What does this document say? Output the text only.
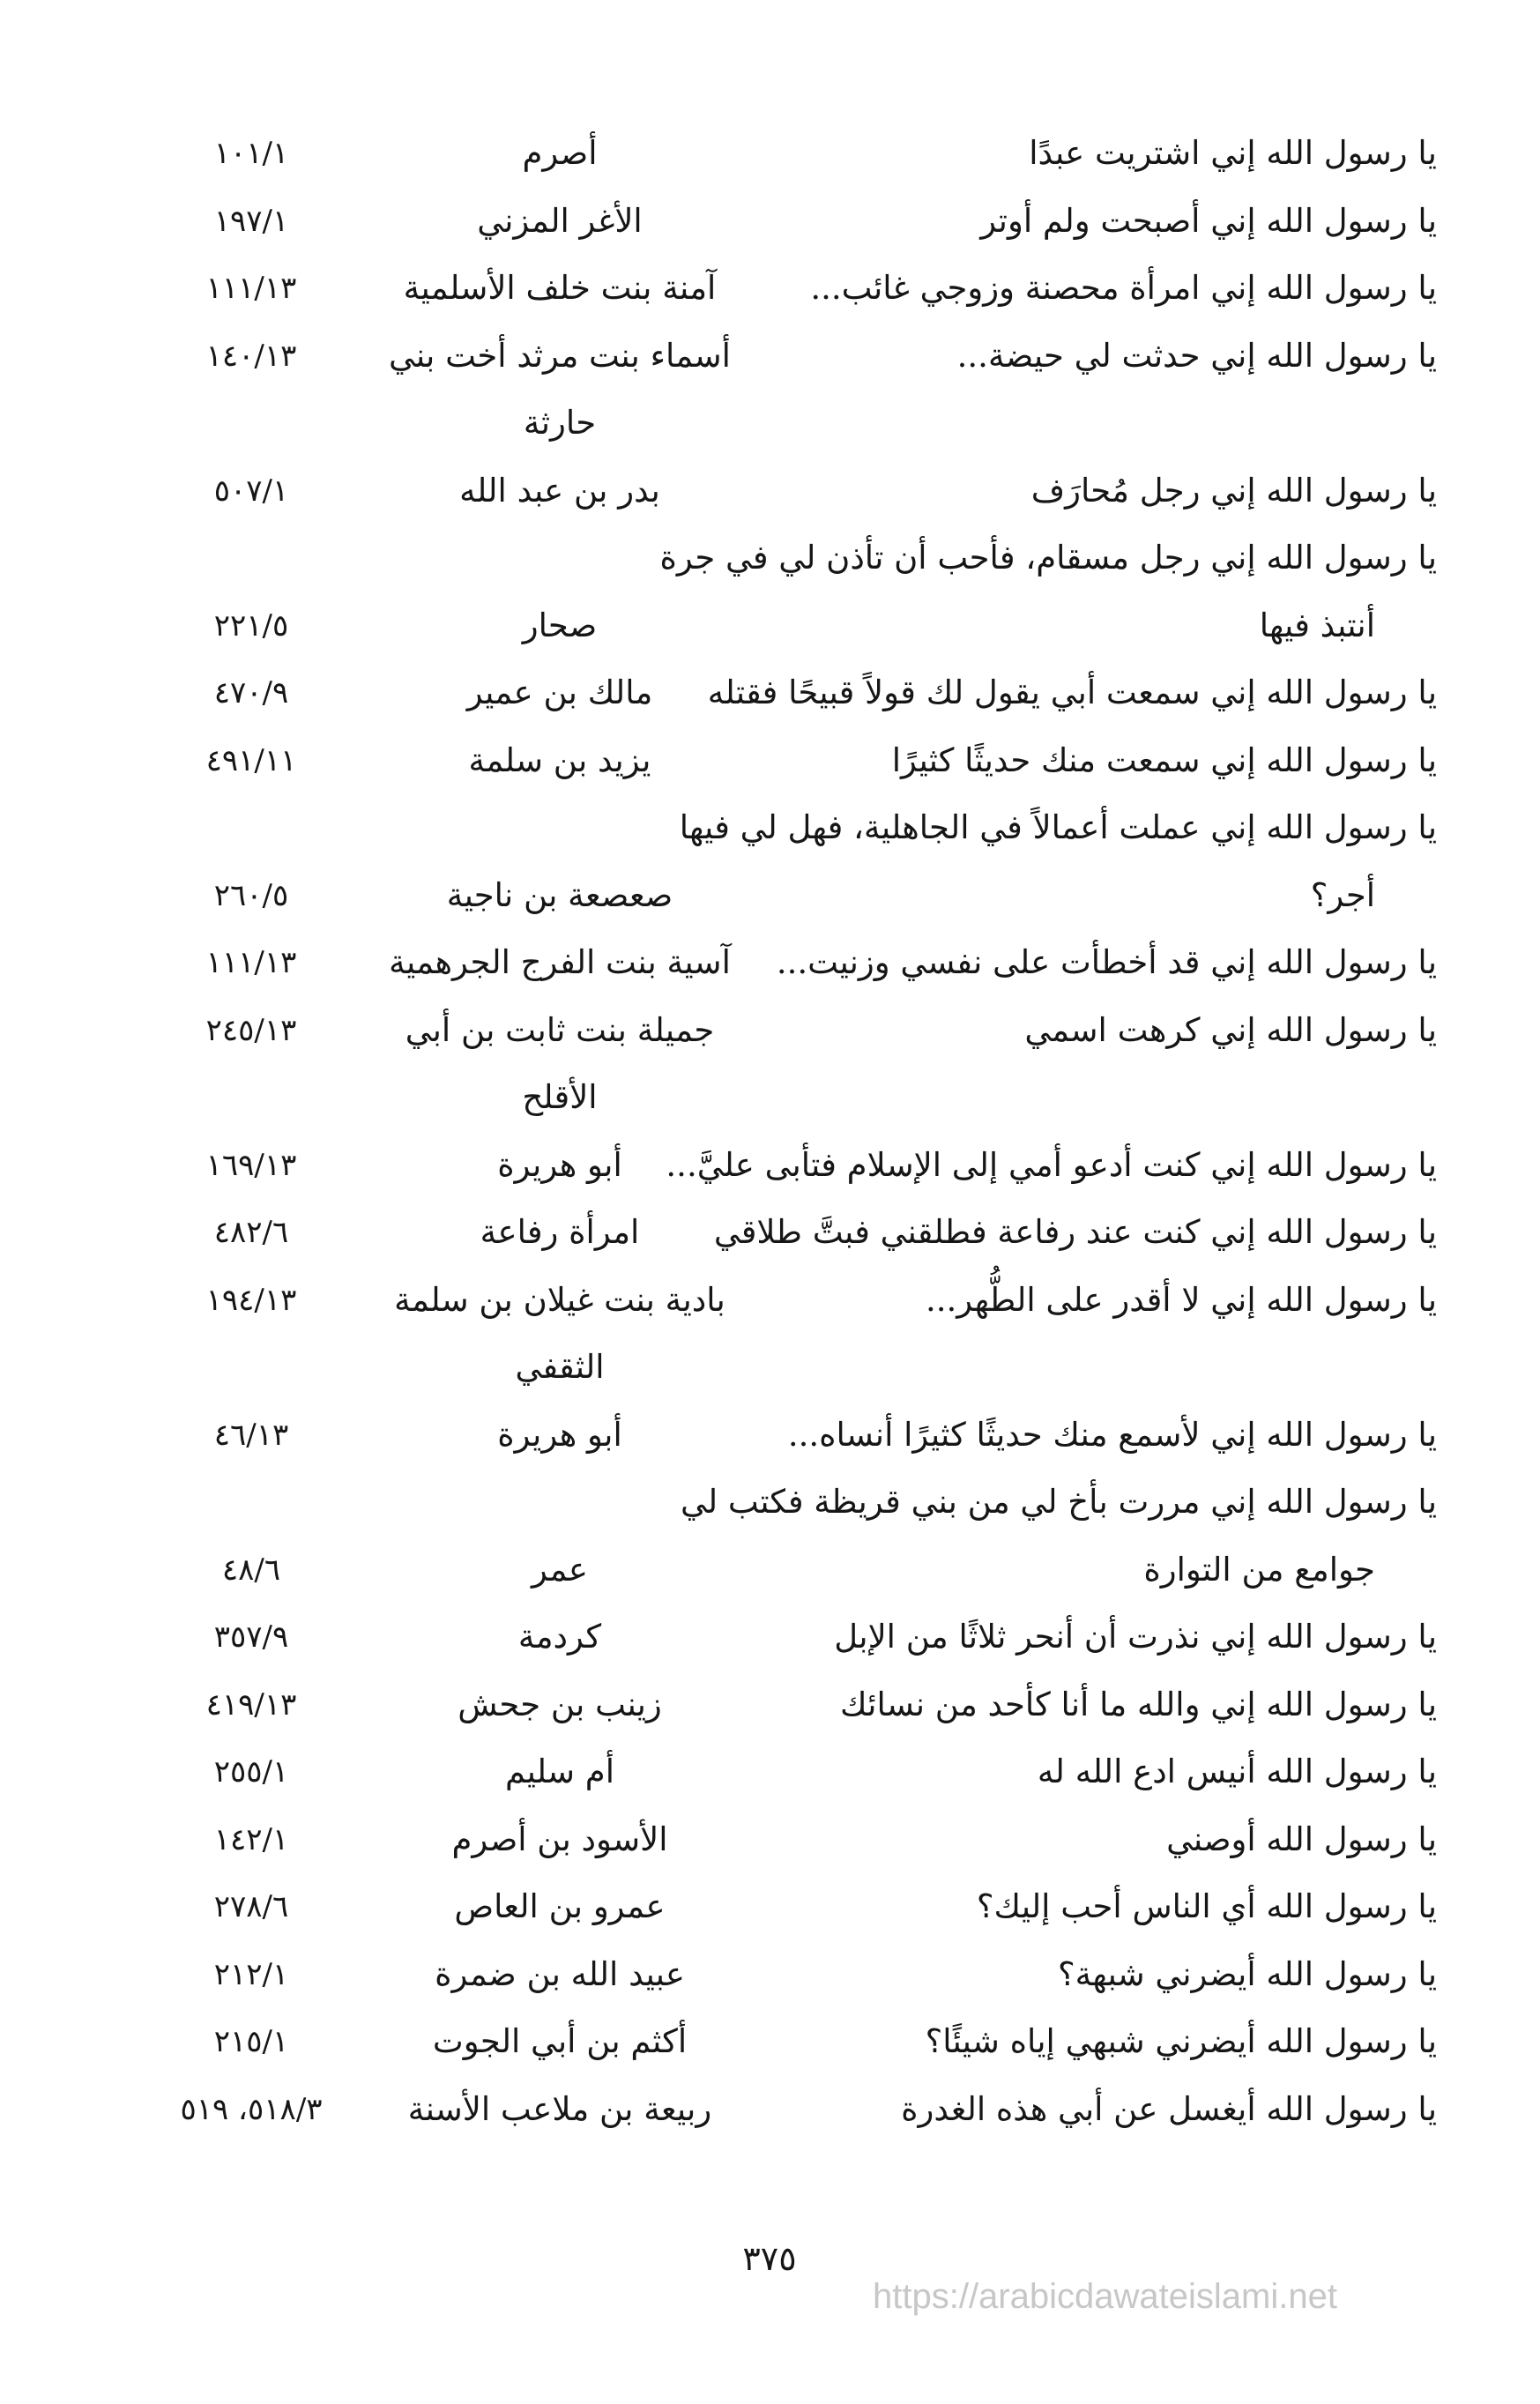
يا رسول الله إني اشتريت عبدًا
أصرم
١٠١/١
يا رسول الله إني أصبحت ولم أوتر
الأغر المزني
١٩٧/١
يا رسول الله إني امرأة محصنة وزوجي غائب...
آمنة بنت خلف الأسلمية
١١١/١٣
يا رسول الله إني حدثت لي حيضة...
أسماء بنت مرثد أخت بني
١٤٠/١٣
حارثة
يا رسول الله إني رجل مُحارَف
بدر بن عبد الله
٥٠٧/١
يا رسول الله إني رجل مسقام، فأحب أن تأذن لي في جرة
أنتبذ فيها
صحار
٢٢١/٥
يا رسول الله إني سمعت أبي يقول لك قولاً قبيحًا فقتله
مالك بن عمير
٤٧٠/٩
يا رسول الله إني سمعت منك حديثًا كثيرًا
يزيد بن سلمة
٤٩١/١١
يا رسول الله إني عملت أعمالاً في الجاهلية، فهل لي فيها
أجر؟
صعصعة بن ناجية
٢٦٠/٥
يا رسول الله إني قد أخطأت على نفسي وزنيت...
آسية بنت الفرج الجرهمية
١١١/١٣
يا رسول الله إني كرهت اسمي
جميلة بنت ثابت بن أبي
٢٤٥/١٣
الأقلح
يا رسول الله إني كنت أدعو أمي إلى الإسلام فتأبى عليَّ...
أبو هريرة
١٦٩/١٣
يا رسول الله إني كنت عند رفاعة فطلقني فبتَّ طلاقي
امرأة رفاعة
٤٨٢/٦
يا رسول الله إني لا أقدر على الطُّهر...
بادية بنت غيلان بن سلمة
١٩٤/١٣
الثقفي
يا رسول الله إني لأسمع منك حديثًا كثيرًا أنساه...
أبو هريرة
٤٦/١٣
يا رسول الله إني مررت بأخ لي من بني قريظة فكتب لي
جوامع من التوارة
عمر
٤٨/٦
يا رسول الله إني نذرت أن أنحر ثلاثًا من الإبل
كردمة
٣٥٧/٩
يا رسول الله إني والله ما أنا كأحد من نسائك
زينب بن جحش
٤١٩/١٣
يا رسول الله أنيس ادع الله له
أم سليم
٢٥٥/١
يا رسول الله أوصني
الأسود بن أصرم
١٤٢/١
يا رسول الله أي الناس أحب إليك؟
عمرو بن العاص
٢٧٨/٦
يا رسول الله أيضرني شبهة؟
عبيد الله بن ضمرة
٢١٢/١
يا رسول الله أيضرني شبهي إياه شيئًا؟
أكثم بن أبي الجوت
٢١٥/١
يا رسول الله أيغسل عن أبي هذه الغدرة
ربيعة بن ملاعب الأسنة
٥١٨/٣، ٥١٩
٣٧٥
https://arabicdawateislami.net
